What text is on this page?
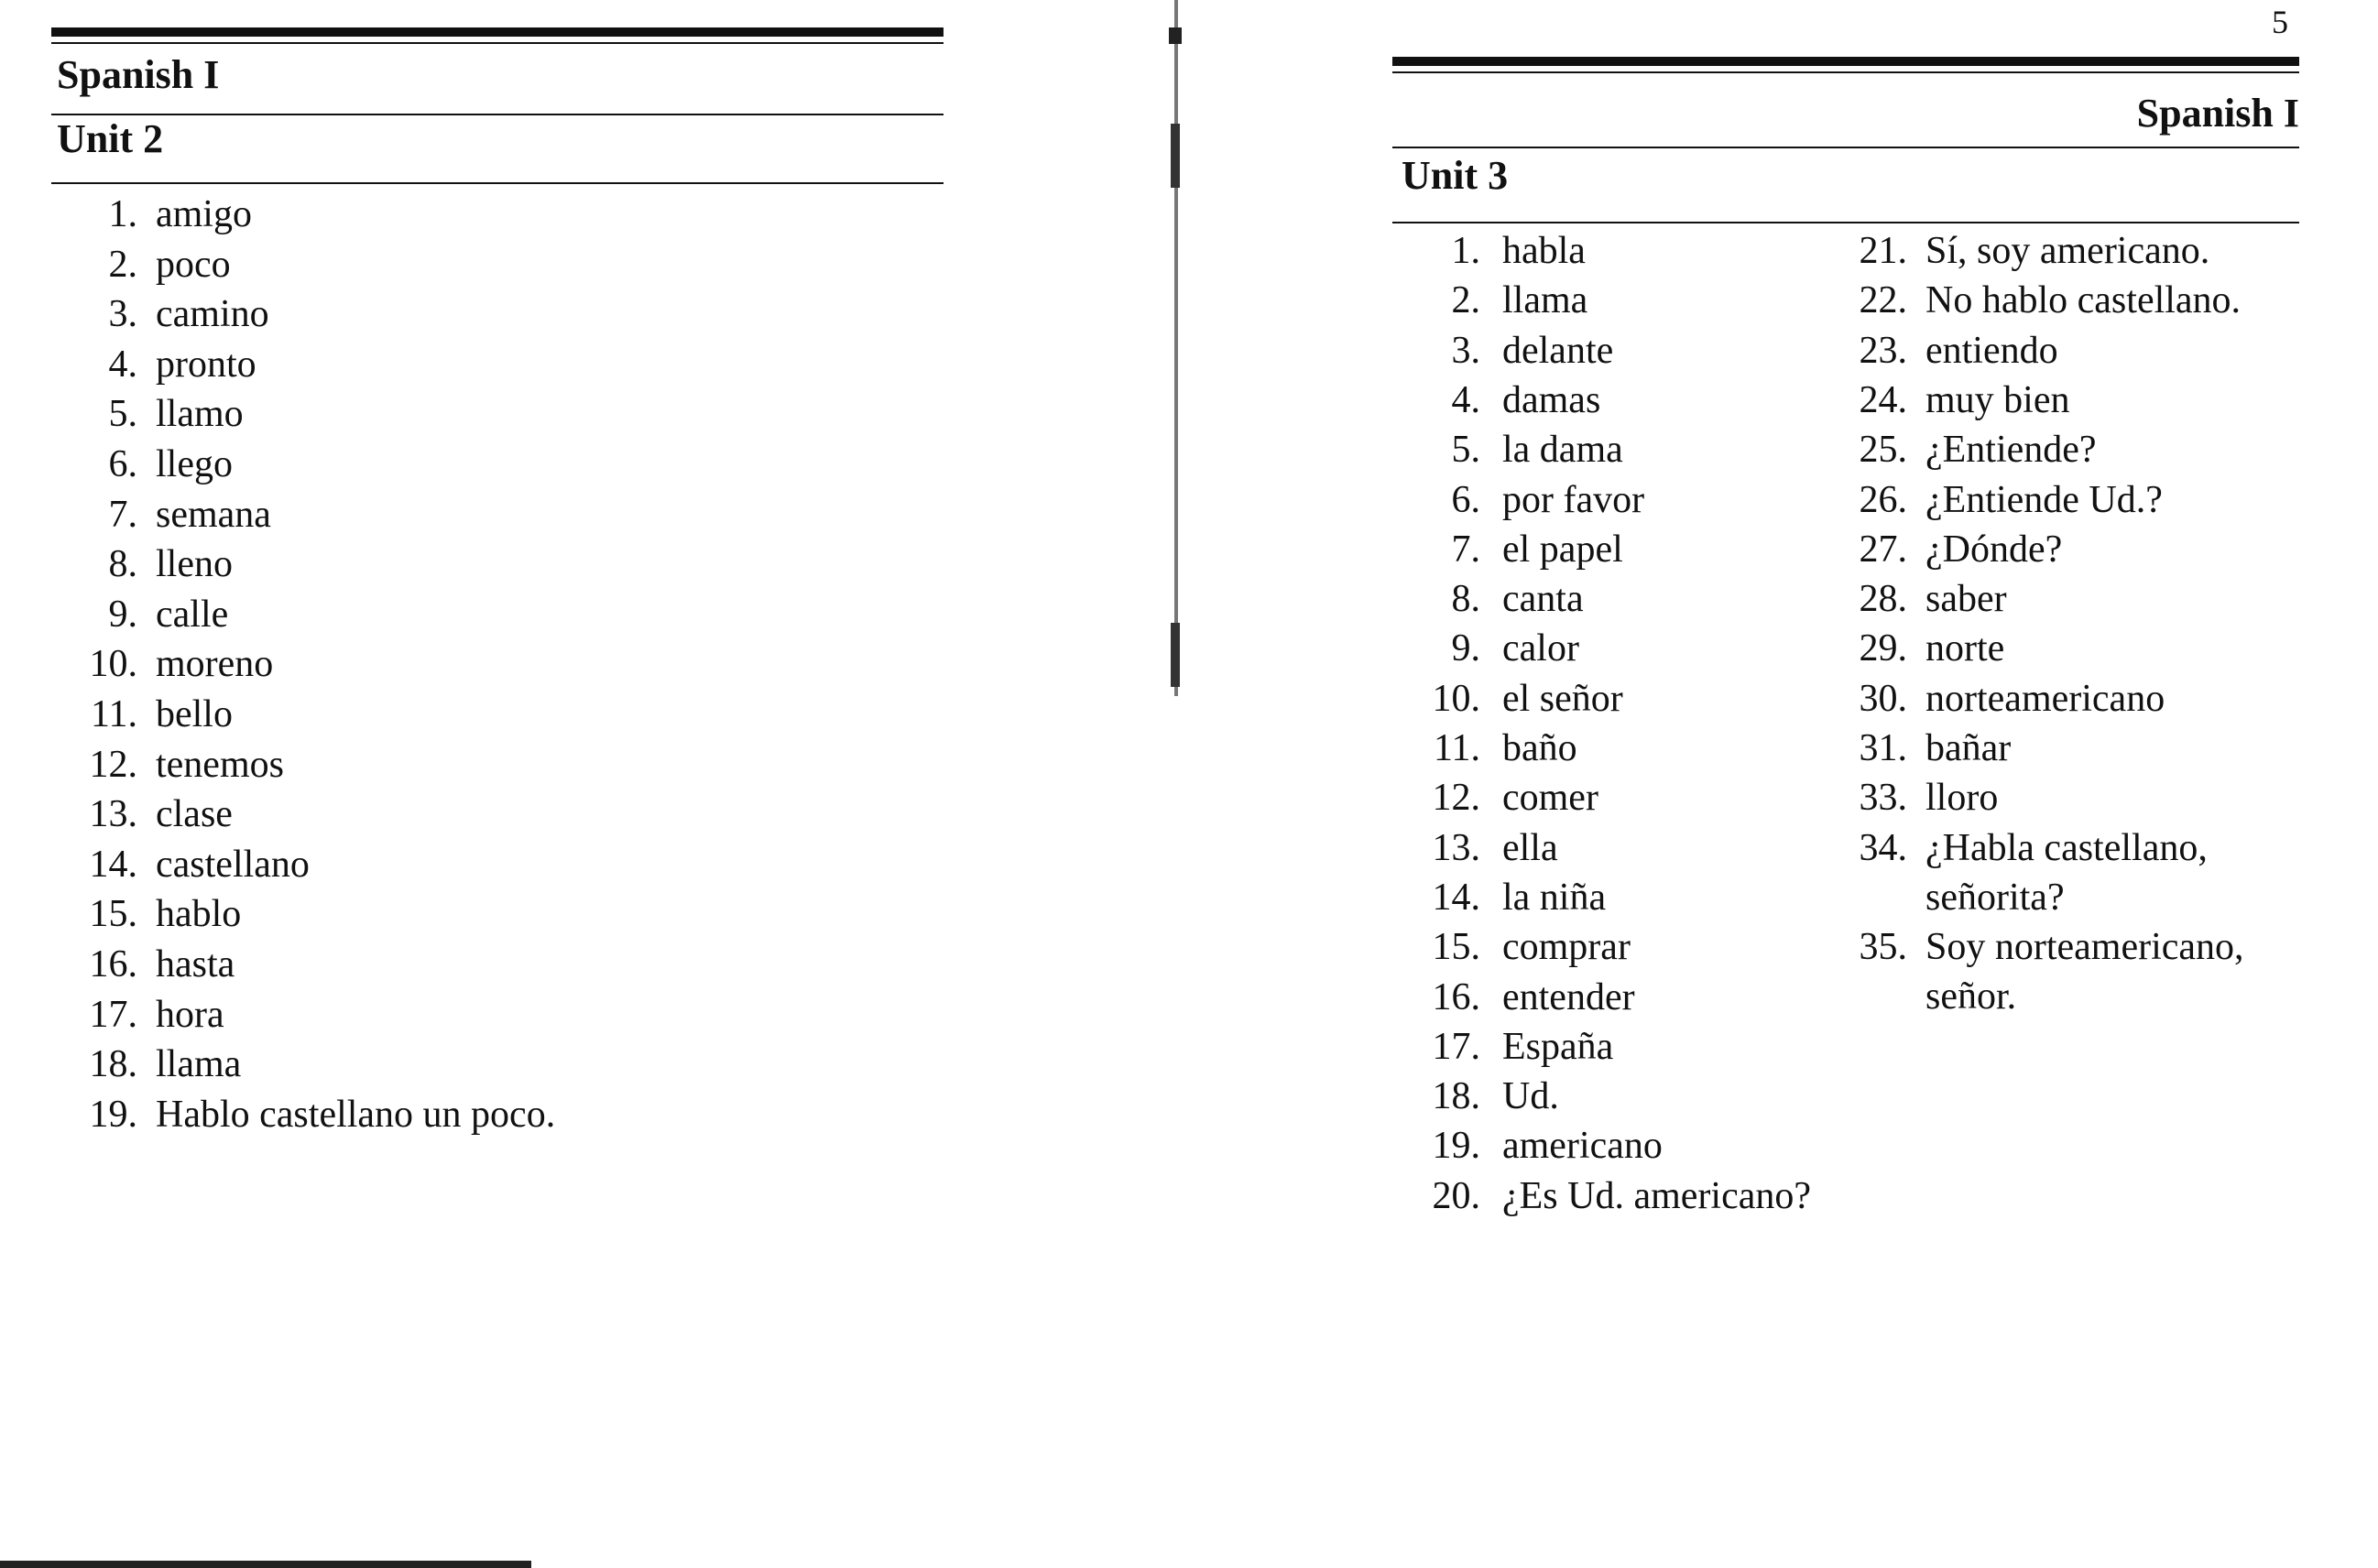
Spanish I
Unit 2
1. amigo
2. poco
3. camino
4. pronto
5. llamo
6. llego
7. semana
8. lleno
9. calle
10. moreno
11. bello
12. tenemos
13. clase
14. castellano
15. hablo
16. hasta
17. hora
18. llama
19. Hablo castellano un poco.
5
Spanish I
Unit 3
1. habla
2. llama
3. delante
4. damas
5. la dama
6. por favor
7. el papel
8. canta
9. calor
10. el señor
11. baño
12. comer
13. ella
14. la niña
15. comprar
16. entender
17. España
18. Ud.
19. americano
20. ¿Es Ud. americano?
21. Sí, soy americano.
22. No hablo castellano.
23. entiendo
24. muy bien
25. ¿Entiende?
26. ¿Entiende Ud.?
27. ¿Dónde?
28. saber
29. norte
30. norteamericano
31. bañar
33. lloro
34. ¿Habla castellano,
señorita?
35. Soy norteamericano,
señor.
